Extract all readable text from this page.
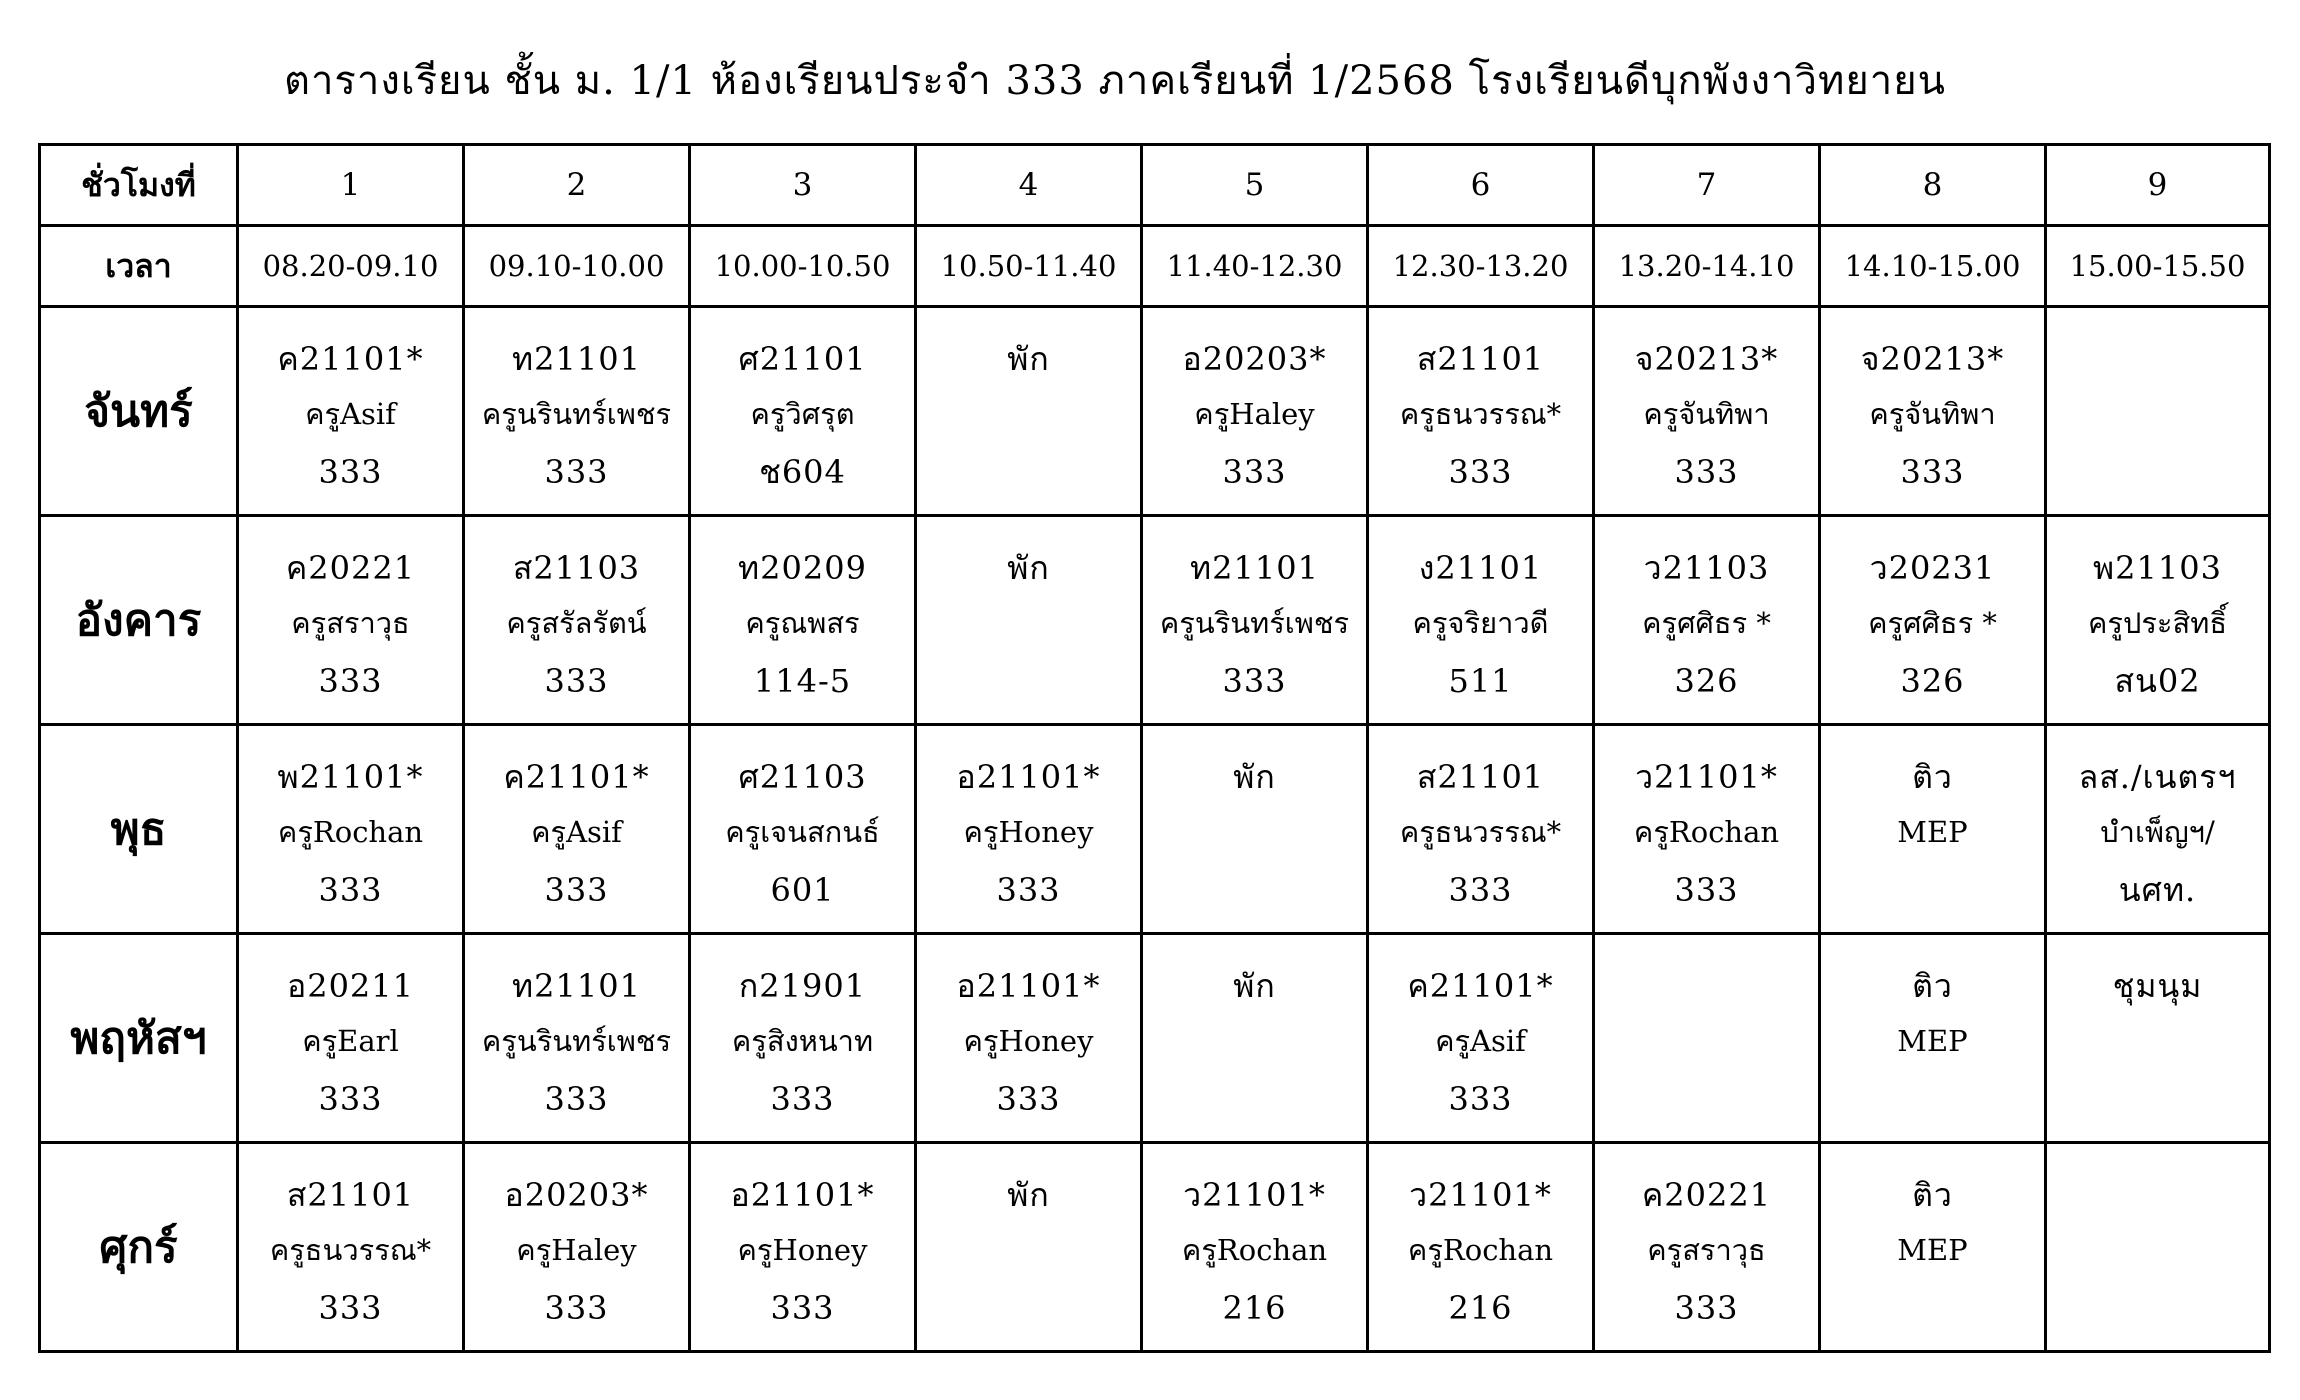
ตารางเรียน ชั้น ม. 1/1 ห้องเรียนประจำ 333 ภาคเรียนที่ 1/2568 โรงเรียนดีบุกพังงาวิทยายน
ชั่วโมงที่	1	2	3	4	5	6	7	8	9
เวลา	08.20-09.10	09.10-10.00	10.00-10.50	10.50-11.40	11.40-12.30	12.30-13.20	13.20-14.10	14.10-15.00	15.00-15.50
จันทร์	ค21101*
ครูAsif
333	ท21101
ครูนรินทร์เพชร
333	ศ21101
ครูวิศรุต
ช604	พัก	อ20203*
ครูHaley
333	ส21101
ครูธนวรรณ*
333	จ20213*
ครูจันทิพา
333	จ20213*
ครูจันทิพา
333	

อังคาร	ค20221
ครูสราวุธ
333	ส21103
ครูสรัลรัตน์
333	ท20209
ครูณพสร
114-5	พัก	ท21101
ครูนรินทร์เพชร
333	ง21101
ครูจริยาวดี
511	ว21103
ครูศศิธร *
326	ว20231
ครูศศิธร *
326	พ21103
ครูประสิทธิ์
สน02

พุธ	พ21101*
ครูRochan
333	ค21101*
ครูAsif
333	ศ21103
ครูเจนสกนธ์
601	อ21101*
ครูHoney
333	พัก	ส21101
ครูธนวรรณ*
333	ว21101*
ครูRochan
333	ติว
MEP	ลส./เนตรฯ
บำเพ็ญฯ/
นศท.

พฤหัสฯ	อ20211
ครูEarl
333	ท21101
ครูนรินทร์เพชร
333	ก21901
ครูสิงหนาท
333	อ21101*
ครูHoney
333	พัก	ค21101*
ครูAsif
333		ติว
MEP	ชุมนุม

ศุกร์	ส21101
ครูธนวรรณ*
333	อ20203*
ครูHaley
333	อ21101*
ครูHoney
333	พัก	ว21101*
ครูRochan
216	ว21101*
ครูRochan
216	ค20221
ครูสราวุธ
333	ติว
MEP	
